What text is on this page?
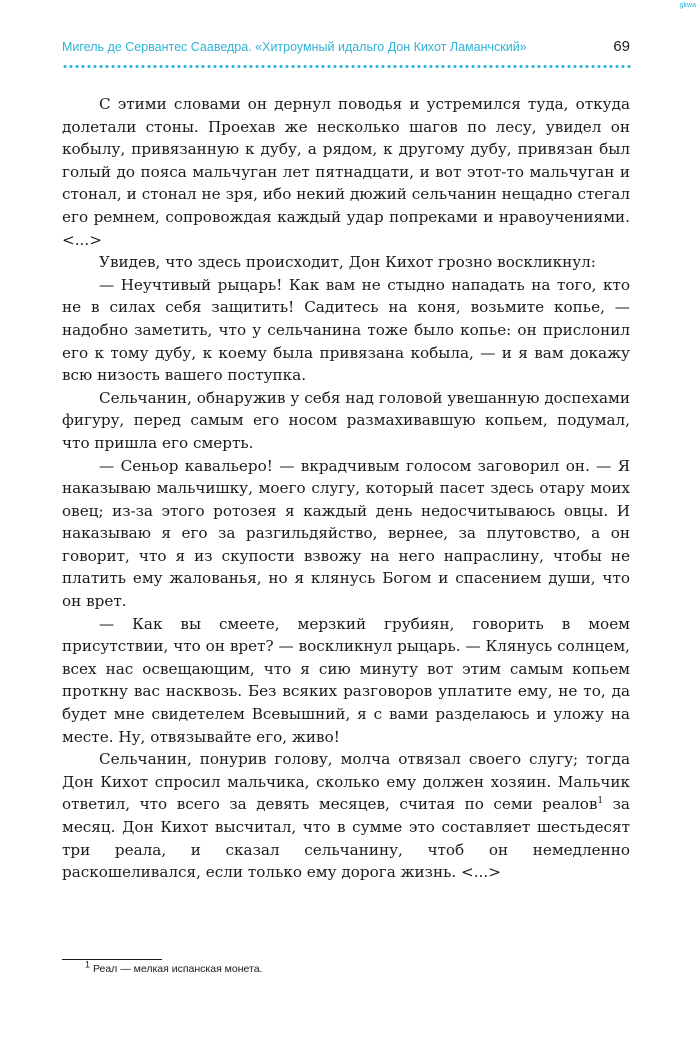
gkwa
Мигель де Сервантес Сааведра. «Хитроумный идальго Дон Кихот Ламанчский»	69

С этими словами он дернул поводья и устремился туда, откуда долетали стоны. Проехав же несколько шагов по лесу, увидел он кобылу, привязанную к дубу, а рядом, к другому дубу, привязан был голый до пояса мальчуган лет пятнадцати, и вот этот-то мальчуган и стонал, и стонал не зря, ибо некий дюжий сельчанин нещадно стегал его ремнем, сопровождая каждый удар попреками и нравоучениями. <...>

Увидев, что здесь происходит, Дон Кихот грозно воскликнул:

— Неучтивый рыцарь! Как вам не стыдно нападать на того, кто не в силах себя защитить! Садитесь на коня, возьмите копье, — надобно заметить, что у сельчанина тоже было копье: он прислонил его к тому дубу, к коему была привязана кобыла, — и я вам докажу всю низость вашего поступка.

Сельчанин, обнаружив у себя над головой увешанную доспехами фигуру, перед самым его носом размахивавшую копьем, подумал, что пришла его смерть.

— Сеньор кавальеро! — вкрадчивым голосом заговорил он. — Я наказываю мальчишку, моего слугу, который пасет здесь отару моих овец; из-за этого ротозея я каждый день недосчитываюсь овцы. И наказываю я его за разгильдяйство, вернее, за плутовство, а он говорит, что я из скупости взвожу на него напраслину, чтобы не платить ему жалованья, но я клянусь Богом и спасением души, что он врет.

— Как вы смеете, мерзкий грубиян, говорить в моем присутствии, что он врет? — воскликнул рыцарь. — Клянусь солнцем, всех нас освещающим, что я сию минуту вот этим самым копьем проткну вас насквозь. Без всяких разговоров уплатите ему, не то, да будет мне свидетелем Всевышний, я с вами разделаюсь и уложу на месте. Ну, отвязывайте его, живо!

Сельчанин, понурив голову, молча отвязал своего слугу; тогда Дон Кихот спросил мальчика, сколько ему должен хозяин. Мальчик ответил, что всего за девять месяцев, считая по семи реалов$^1$ за месяц. Дон Кихот высчитал, что в сумме это составляет шестьдесят три реала, и сказал сельчанину, чтоб он немедленно раскошеливался, если только ему дорога жизнь. <...>

$^1$ Реал — мелкая испанская монета.
